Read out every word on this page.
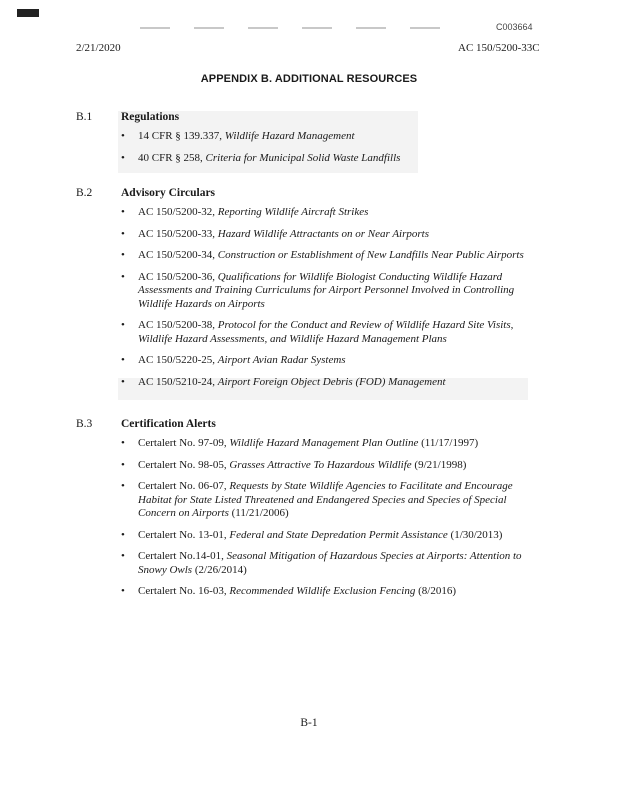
C003664
2/21/2020	AC 150/5200-33C
APPENDIX B. ADDITIONAL RESOURCES
B.1 Regulations
• 14 CFR § 139.337, Wildlife Hazard Management
• 40 CFR § 258, Criteria for Municipal Solid Waste Landfills
B.2 Advisory Circulars
• AC 150/5200-32, Reporting Wildlife Aircraft Strikes
• AC 150/5200-33, Hazard Wildlife Attractants on or Near Airports
• AC 150/5200-34, Construction or Establishment of New Landfills Near Public Airports
• AC 150/5200-36, Qualifications for Wildlife Biologist Conducting Wildlife Hazard Assessments and Training Curriculums for Airport Personnel Involved in Controlling Wildlife Hazards on Airports
• AC 150/5200-38, Protocol for the Conduct and Review of Wildlife Hazard Site Visits, Wildlife Hazard Assessments, and Wildlife Hazard Management Plans
• AC 150/5220-25, Airport Avian Radar Systems
• AC 150/5210-24, Airport Foreign Object Debris (FOD) Management
B.3 Certification Alerts
• Certalert No. 97-09, Wildlife Hazard Management Plan Outline (11/17/1997)
• Certalert No. 98-05, Grasses Attractive To Hazardous Wildlife (9/21/1998)
• Certalert No. 06-07, Requests by State Wildlife Agencies to Facilitate and Encourage Habitat for State Listed Threatened and Endangered Species and Species of Special Concern on Airports (11/21/2006)
• Certalert No. 13-01, Federal and State Depredation Permit Assistance (1/30/2013)
• Certalert No.14-01, Seasonal Mitigation of Hazardous Species at Airports: Attention to Snowy Owls (2/26/2014)
• Certalert No. 16-03, Recommended Wildlife Exclusion Fencing (8/2016)
B-1
